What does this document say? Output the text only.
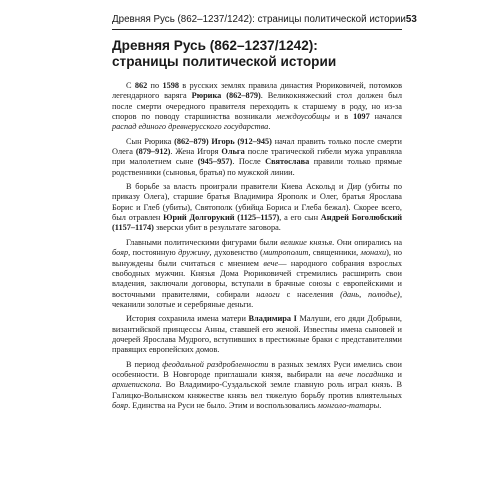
Древняя Русь (862–1237/1242): страницы политической истории 53
Древняя Русь (862–1237/1242):
страницы политической истории

С 862 по 1598 в русских землях правила династия Рюриковичей, потомков легендарного варяга Рюрика (862–879). Великокняжеский стол должен был после смерти очередного правителя переходить к старшему в роду, но из-за споров по поводу старшинства возникали междоусобицы и в 1097 начался распад единого древнерусского государства.

Сын Рюрика (862–879) Игорь (912–945) начал править только после смерти Олега (879–912). Жена Игоря Ольга после трагической гибели мужа управляла при малолетнем сыне (945–957). После Святослава правили только прямые родственники (сыновья, братья) по мужской линии.

В борьбе за власть проиграли правители Киева Аскольд и Дир (убиты по приказу Олега), старшие братья Владимира Ярополк и Олег, братья Ярослава Борис и Глеб (убиты), Святополк (убийца Бориса и Глеба бежал). Скорее всего, был отравлен Юрий Долгорукий (1125–1157), а его сын Андрей Боголюбский (1157–1174) зверски убит в результате заговора.

Главными политическими фигурами были великие князья. Они опирались на бояр, постоянную дружину, духовенство (митрополит, священники, монахи), но вынуждены были считаться с мнением вече— народного собрания взрослых свободных мужчин. Князья Дома Рюриковичей стремились расширить свои владения, заключали договоры, вступали в брачные союзы с европейскими и восточными правителями, собирали налоги с населения (дань, полюдье), чеканили золотые и серебряные деньги.

История сохранила имена матери Владимира I Малуши, его дяди Добрыни, византийской принцессы Анны, ставшей его женой. Известны имена сыновей и дочерей Ярослава Мудрого, вступивших в престижные браки с представителями правящих европейских домов.

В период феодальной раздробленности в разных землях Руси имелись свои особенности. В Новгороде приглашали князя, выбирали на вече посадника и архиепископа. Во Владимиро-Суздальской земле главную роль играл князь. В Галицко-Волынском княжестве князь вел тяжелую борьбу против влиятельных бояр. Единства на Руси не было. Этим и воспользовались монголо-татары.
